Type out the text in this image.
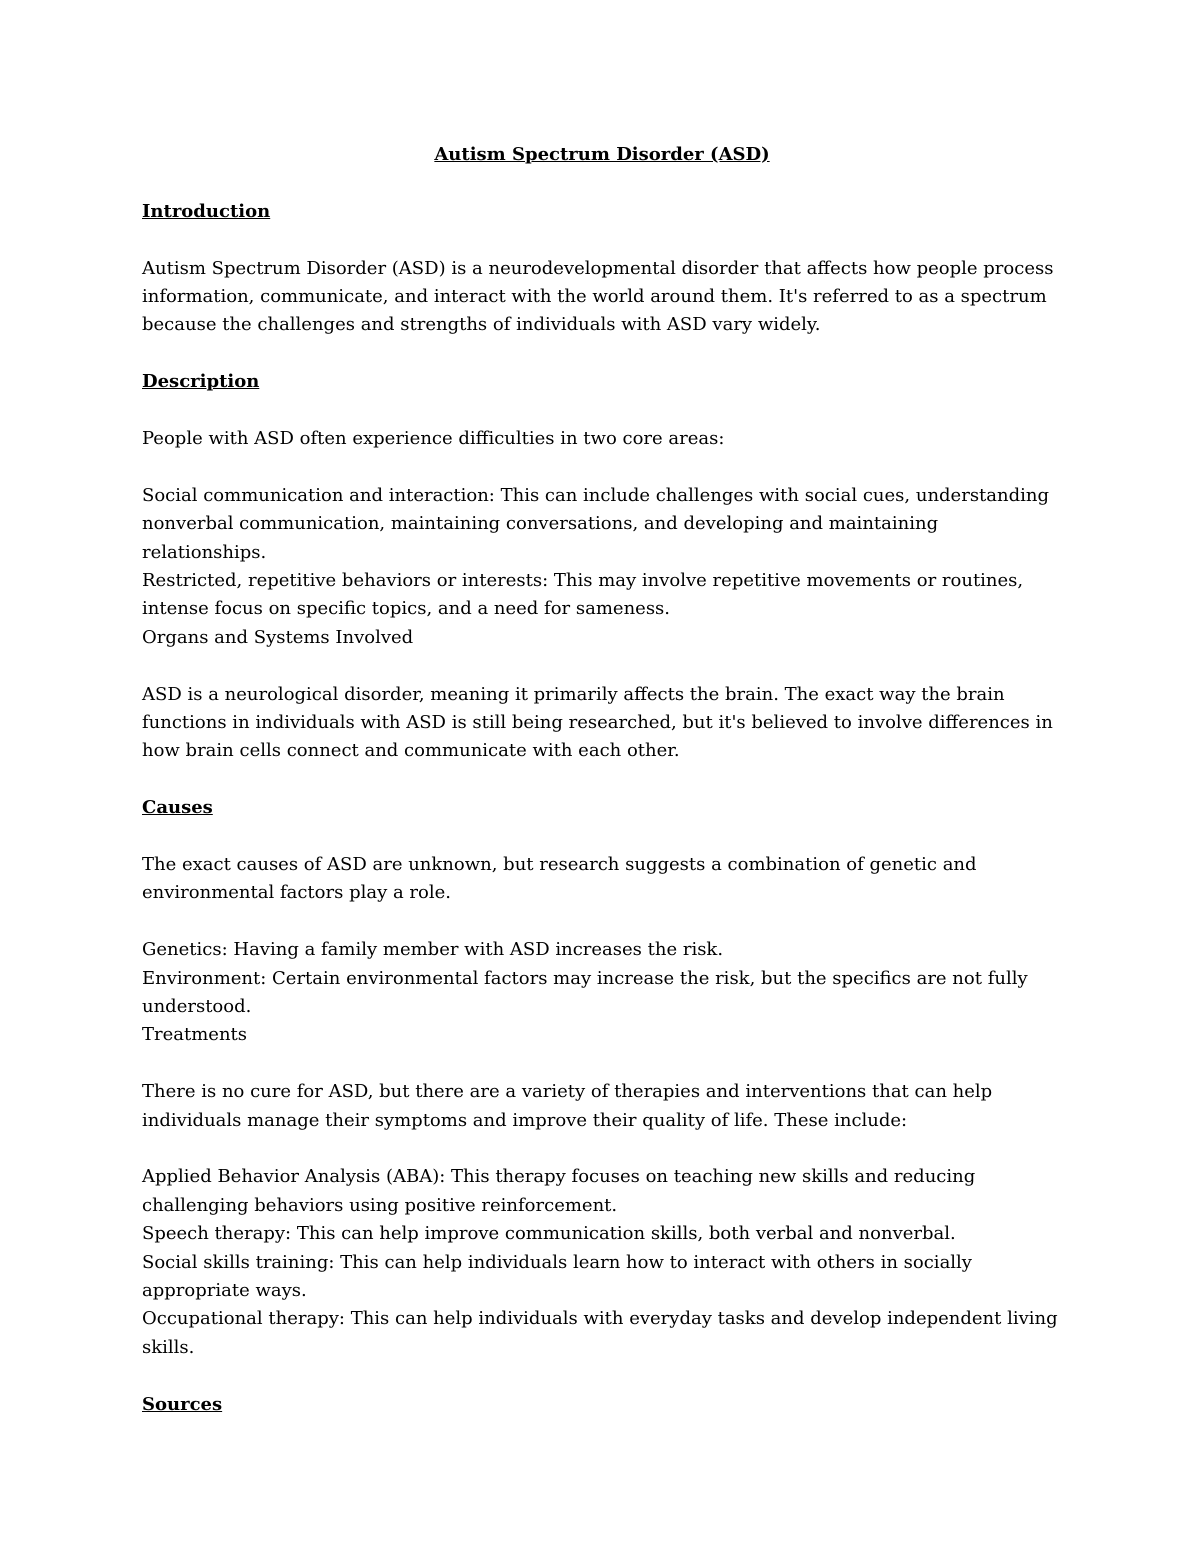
Autism Spectrum Disorder (ASD)
Introduction
Autism Spectrum Disorder (ASD) is a neurodevelopmental disorder that affects how people process information, communicate, and interact with the world around them. It's referred to as a spectrum because the challenges and strengths of individuals with ASD vary widely.
Description
People with ASD often experience difficulties in two core areas:
Social communication and interaction: This can include challenges with social cues, understanding nonverbal communication, maintaining conversations, and developing and maintaining relationships.
Restricted, repetitive behaviors or interests: This may involve repetitive movements or routines, intense focus on specific topics, and a need for sameness.
Organs and Systems Involved
ASD is a neurological disorder, meaning it primarily affects the brain. The exact way the brain functions in individuals with ASD is still being researched, but it's believed to involve differences in how brain cells connect and communicate with each other.
Causes
The exact causes of ASD are unknown, but research suggests a combination of genetic and environmental factors play a role.
Genetics: Having a family member with ASD increases the risk.
Environment: Certain environmental factors may increase the risk, but the specifics are not fully understood.
Treatments
There is no cure for ASD, but there are a variety of therapies and interventions that can help individuals manage their symptoms and improve their quality of life. These include:
Applied Behavior Analysis (ABA): This therapy focuses on teaching new skills and reducing challenging behaviors using positive reinforcement.
Speech therapy: This can help improve communication skills, both verbal and nonverbal.
Social skills training: This can help individuals learn how to interact with others in socially appropriate ways.
Occupational therapy: This can help individuals with everyday tasks and develop independent living skills.
Sources
